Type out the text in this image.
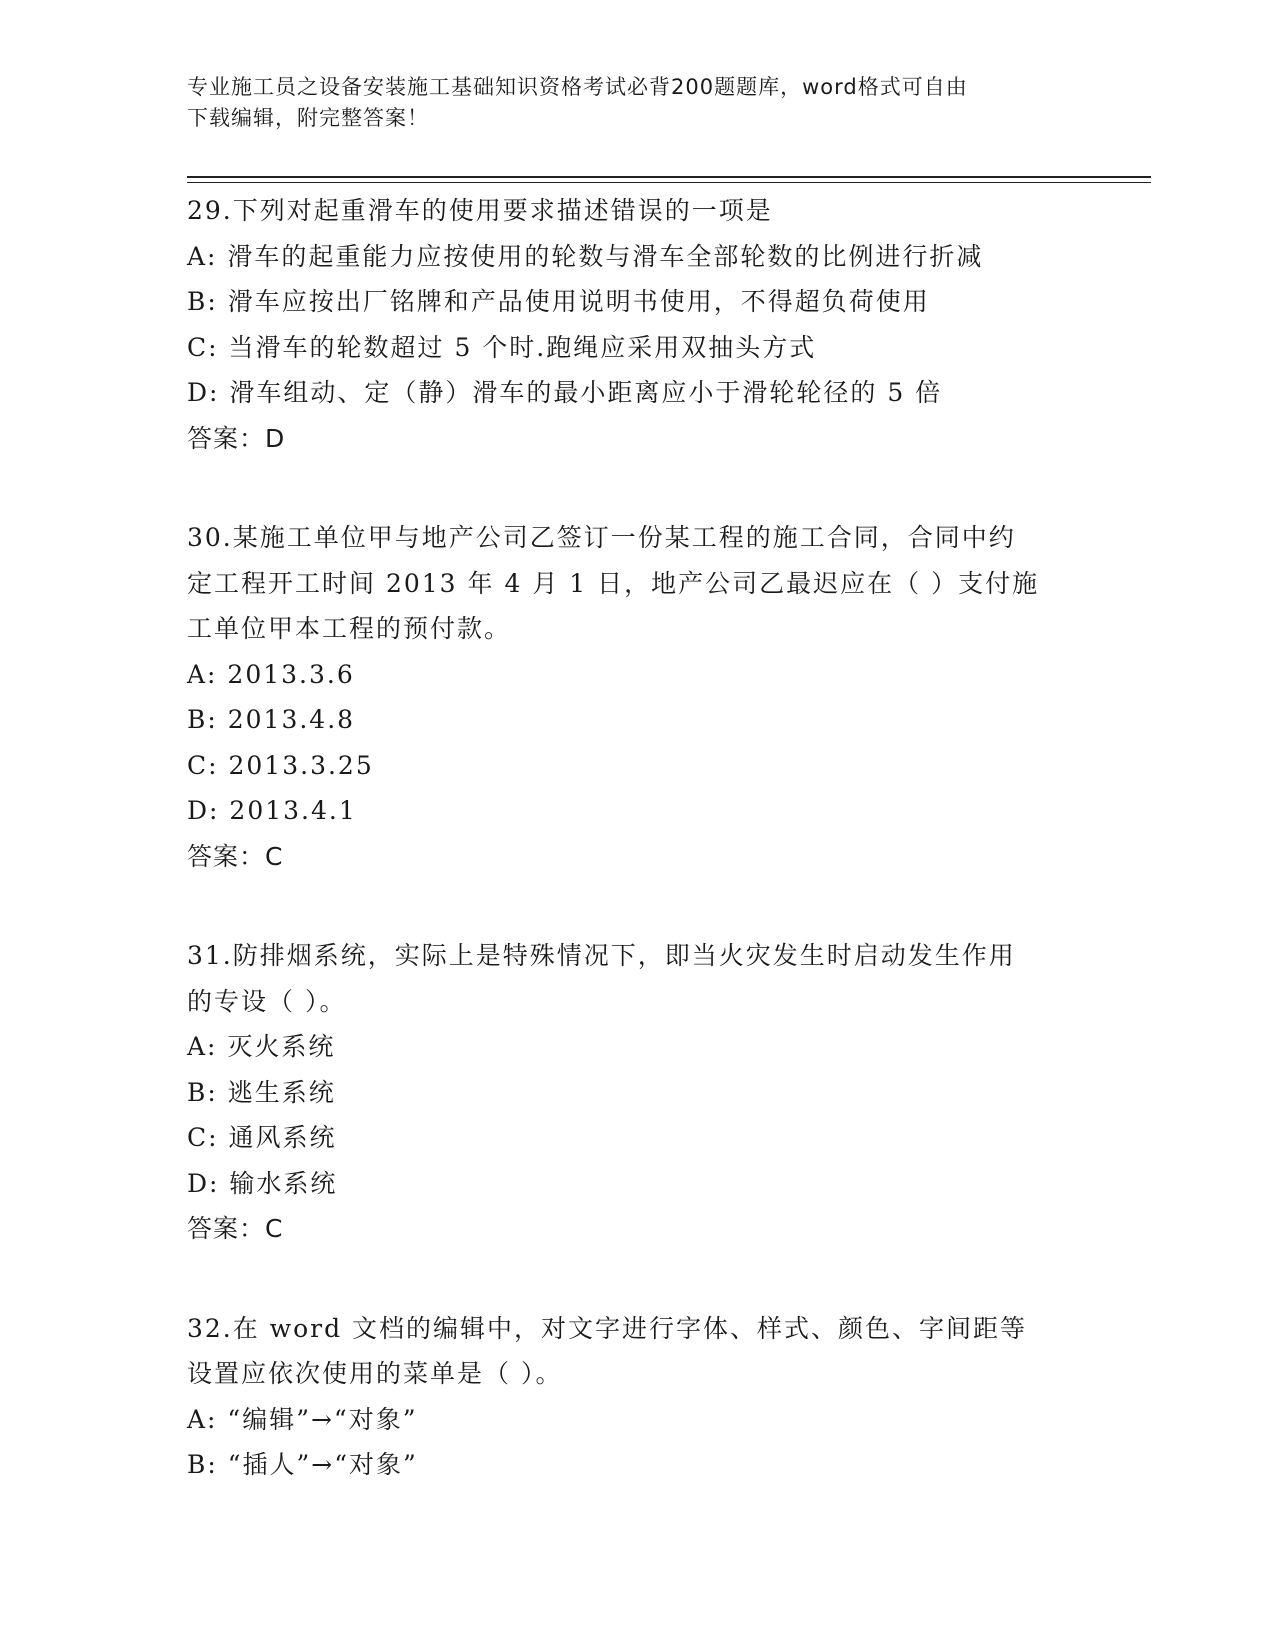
专业施工员之设备安装施工基础知识资格考试必背200题题库，word格式可自由
下载编辑，附完整答案！
29.下列对起重滑车的使用要求描述错误的一项是
A: 滑车的起重能力应按使用的轮数与滑车全部轮数的比例进行折减
B: 滑车应按出厂铭牌和产品使用说明书使用，不得超负荷使用
C: 当滑车的轮数超过 5 个时.跑绳应采用双抽头方式
D: 滑车组动、定（静）滑车的最小距离应小于滑轮轮径的 5 倍
答案：D
30.某施工单位甲与地产公司乙签订一份某工程的施工合同，合同中约
定工程开工时间 2013 年 4 月 1 日，地产公司乙最迟应在（ ）支付施
工单位甲本工程的预付款。
A: 2013.3.6
B: 2013.4.8
C: 2013.3.25
D: 2013.4.1
答案：C
31.防排烟系统，实际上是特殊情况下，即当火灾发生时启动发生作用
的专设（ ）。
A: 灭火系统
B: 逃生系统
C: 通风系统
D: 输水系统
答案：C
32.在 word 文档的编辑中，对文字进行字体、样式、颜色、字间距等
设置应依次使用的菜单是（ ）。
A: “编辑”→“对象”
B: “插人”→“对象”
